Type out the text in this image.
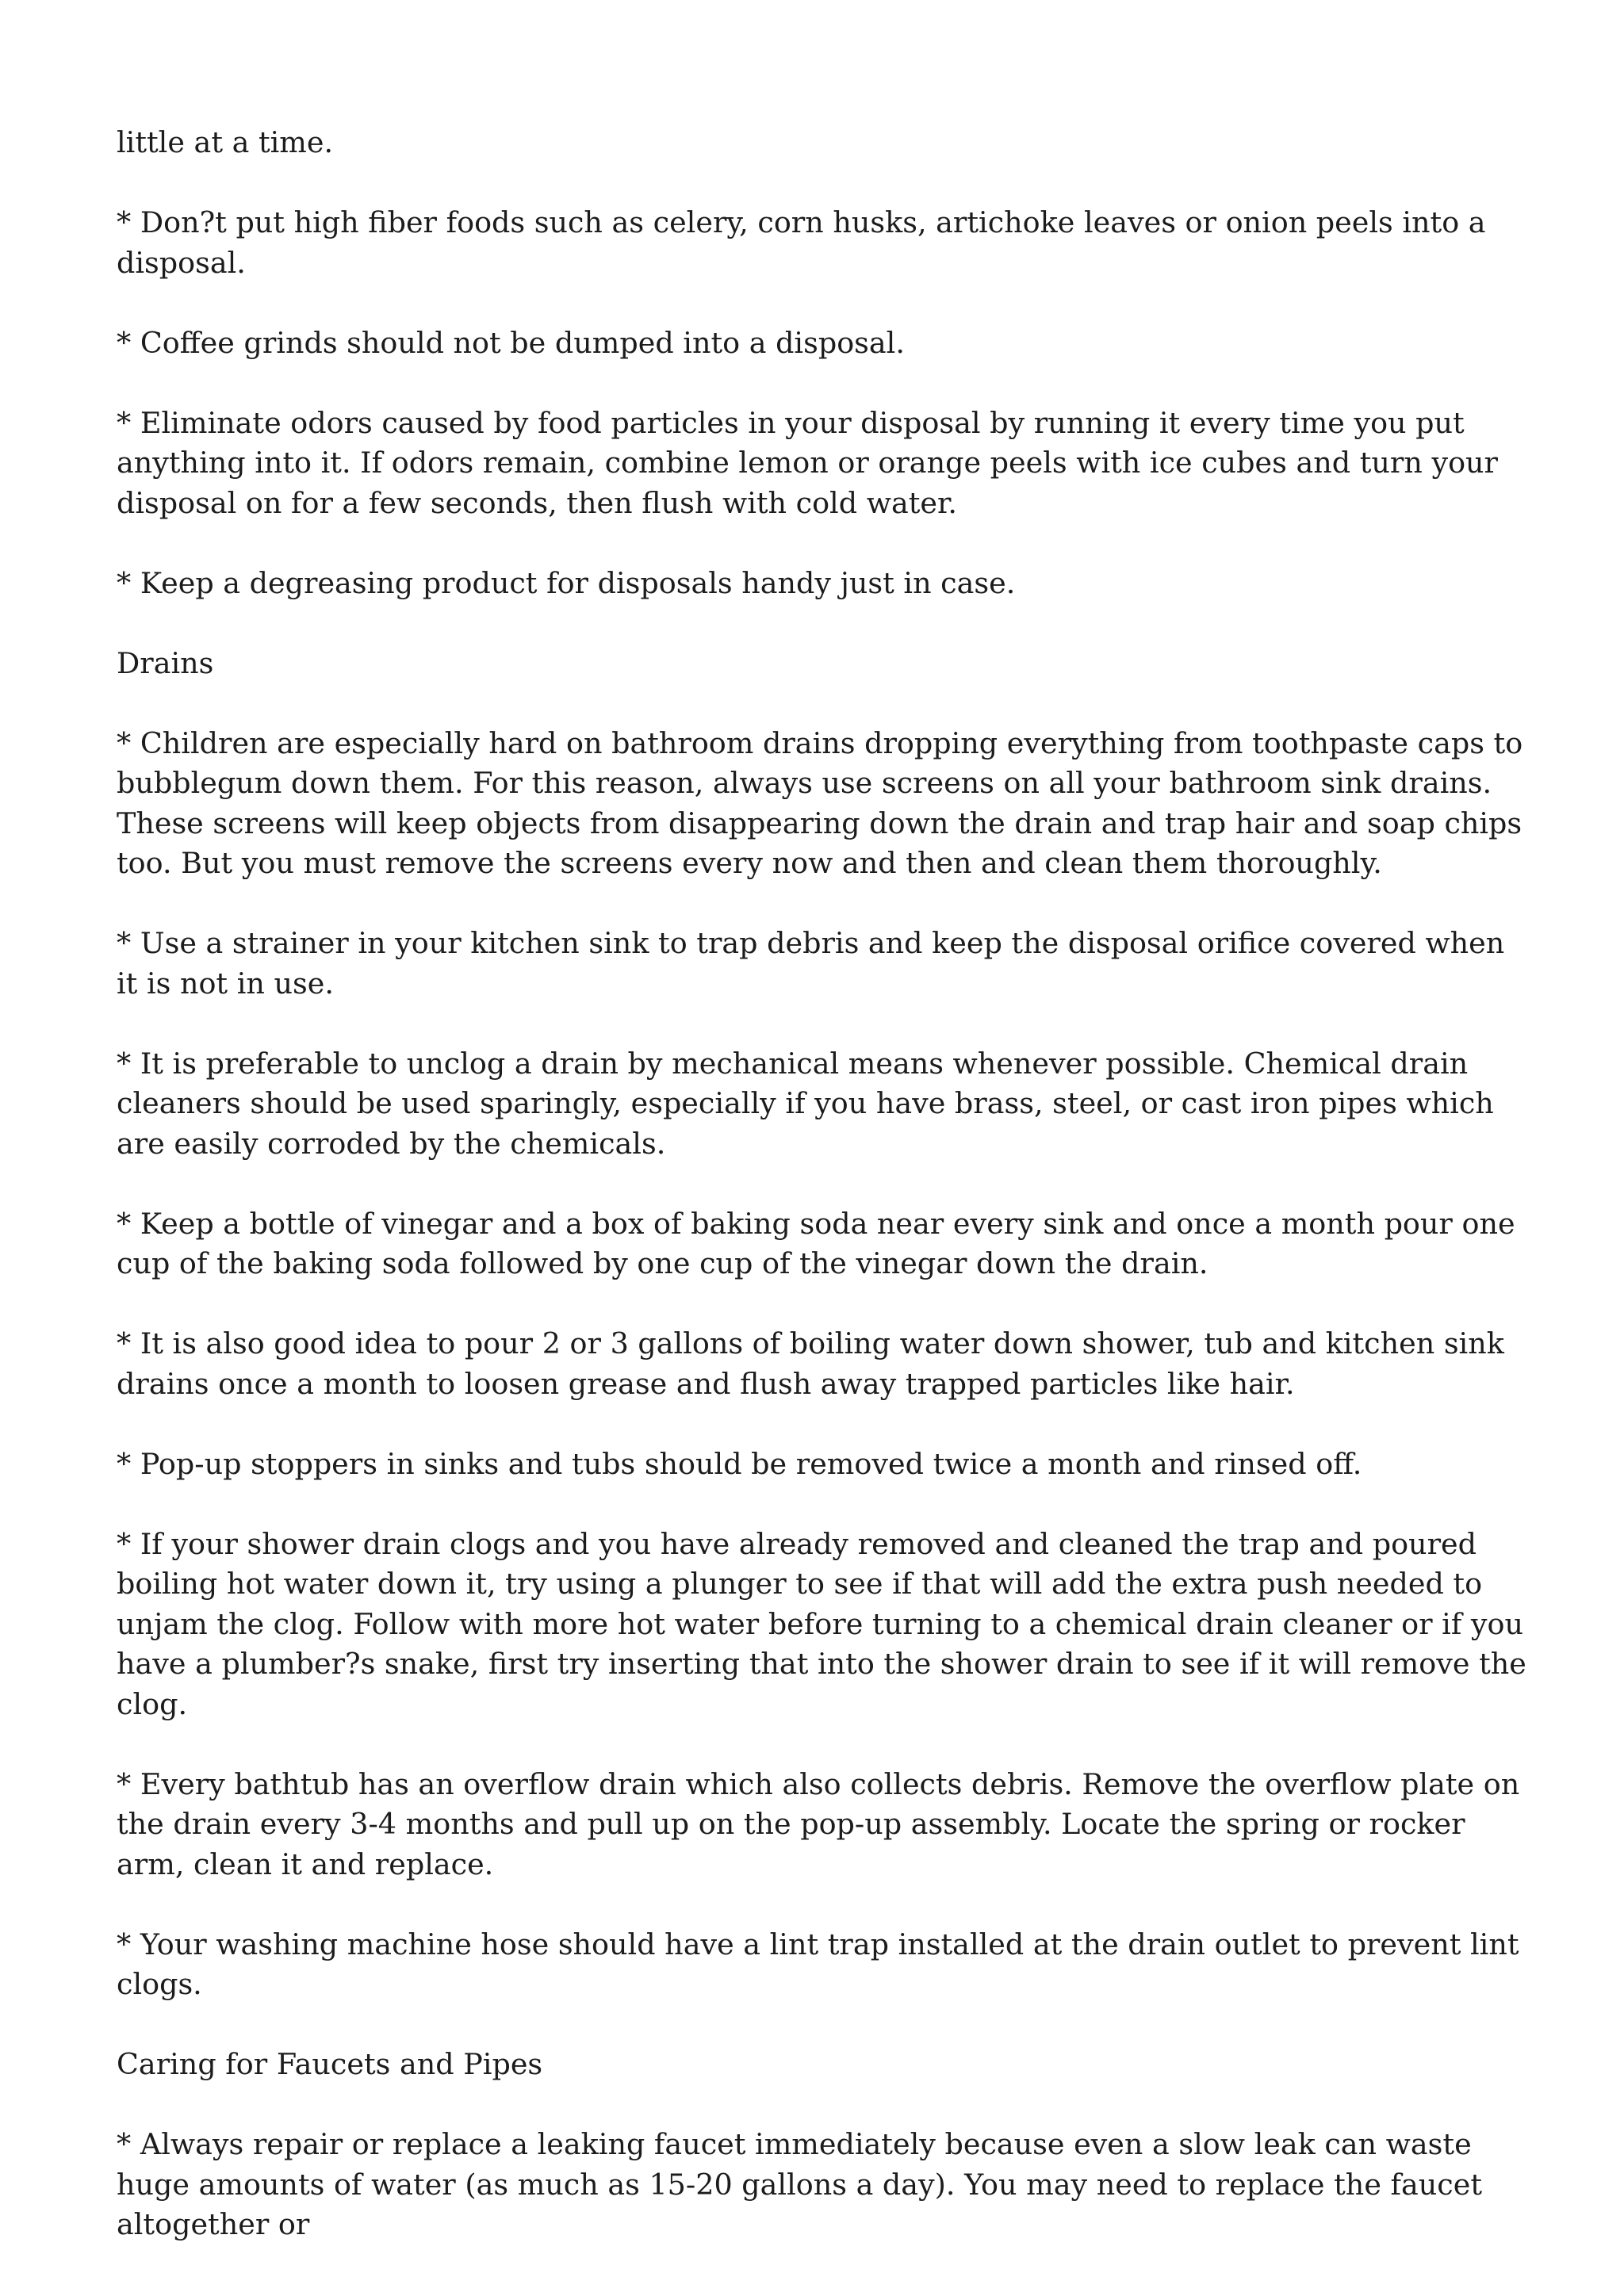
little at a time.

* Don?t put high fiber foods such as celery, corn husks, artichoke leaves or onion peels into a disposal.

* Coffee grinds should not be dumped into a disposal.

* Eliminate odors caused by food particles in your disposal by running it every time you put anything into it. If odors remain, combine lemon or orange peels with ice cubes and turn your disposal on for a few seconds, then flush with cold water.

* Keep a degreasing product for disposals handy just in case.

Drains

* Children are especially hard on bathroom drains dropping everything from toothpaste caps to bubblegum down them. For this reason, always use screens on all your bathroom sink drains. These screens will keep objects from disappearing down the drain and trap hair and soap chips too. But you must remove the screens every now and then and clean them thoroughly.

* Use a strainer in your kitchen sink to trap debris and keep the disposal orifice covered when it is not in use.

* It is preferable to unclog a drain by mechanical means whenever possible. Chemical drain cleaners should be used sparingly, especially if you have brass, steel, or cast iron pipes which are easily corroded by the chemicals.

* Keep a bottle of vinegar and a box of baking soda near every sink and once a month pour one cup of the baking soda followed by one cup of the vinegar down the drain.

* It is also good idea to pour 2 or 3 gallons of boiling water down shower, tub and kitchen sink drains once a month to loosen grease and flush away trapped particles like hair.

* Pop-up stoppers in sinks and tubs should be removed twice a month and rinsed off.

* If your shower drain clogs and you have already removed and cleaned the trap and poured boiling hot water down it, try using a plunger to see if that will add the extra push needed to unjam the clog. Follow with more hot water before turning to a chemical drain cleaner or if you have a plumber?s snake, first try inserting that into the shower drain to see if it will remove the clog.

* Every bathtub has an overflow drain which also collects debris. Remove the overflow plate on the drain every 3-4 months and pull up on the pop-up assembly. Locate the spring or rocker arm, clean it and replace.

* Your washing machine hose should have a lint trap installed at the drain outlet to prevent lint clogs.

Caring for Faucets and Pipes

* Always repair or replace a leaking faucet immediately because even a slow leak can waste huge amounts of water (as much as 15-20 gallons a day). You may need to replace the faucet altogether or
